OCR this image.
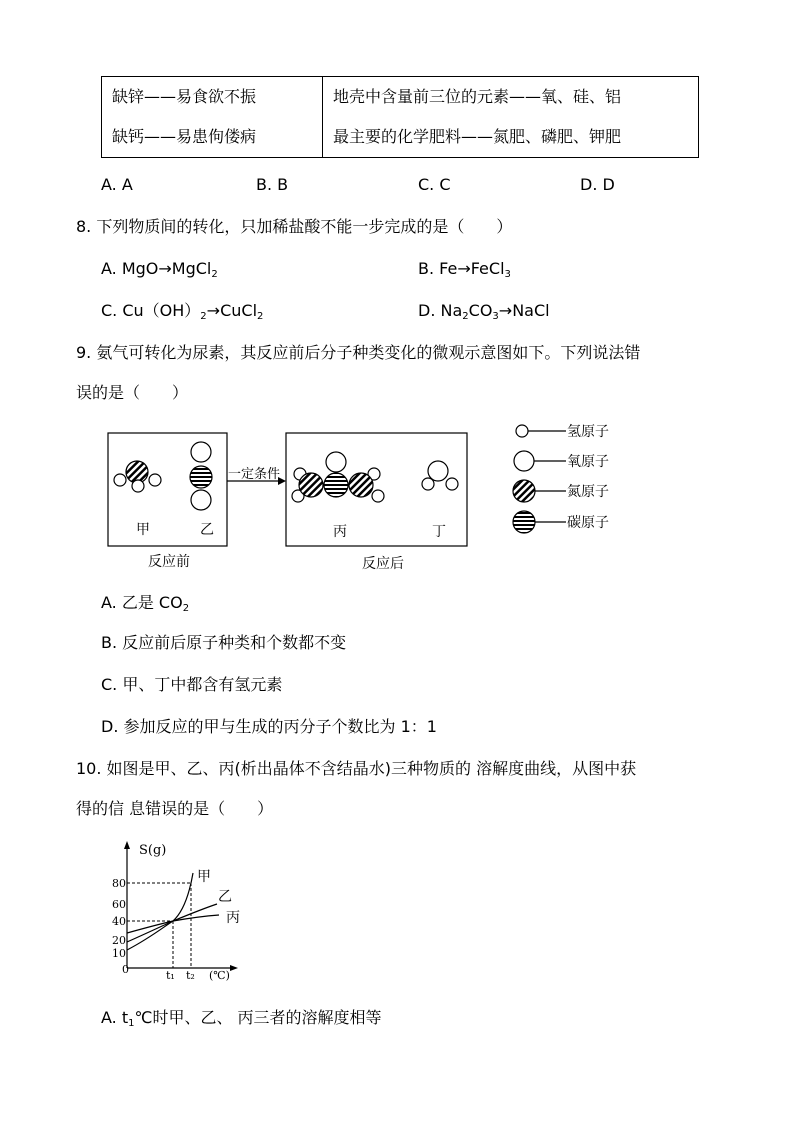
缺锌——易食欲不振
缺钙——易患佝偻病

地壳中含量前三位的元素——氧、硅、铝
最主要的化学肥料——氮肥、磷肥、钾肥
A. A	B. B	C. C	D. D
8. 下列物质间的转化，只加稀盐酸不能一步完成的是（　　）
A. MgO→MgCl$_2$	B. Fe→FeCl$_3$
C. $Cu(OH)_2\to CuCl_2$	D. $Na_2CO_3\to NaCl$
9. 氨气可转化为尿素，其反应前后分子种类变化的微观示意图如下。下列说法错
误的是（　　）
甲	乙
反应前
一定条件
丙	丁
反应后
氢原子
氧原子
氮原子
碳原子
A. 乙是 $CO_2$
B. 反应前后原子种类和个数都不变
C. 甲、丁中都含有氢元素
D. 参加反应的甲与生成的丙分子个数比为 1：1
10. 如图是甲、乙、丙(析出晶体不含结晶水)三种物质的 溶解度曲线，从图中获
得的信 息错误的是（　　）
S(g)
80
60
40
20
10
0	t₁ t₂ (℃)
甲
乙
丙
A. $t_1℃$时甲、乙、 丙三者的溶解度相等
